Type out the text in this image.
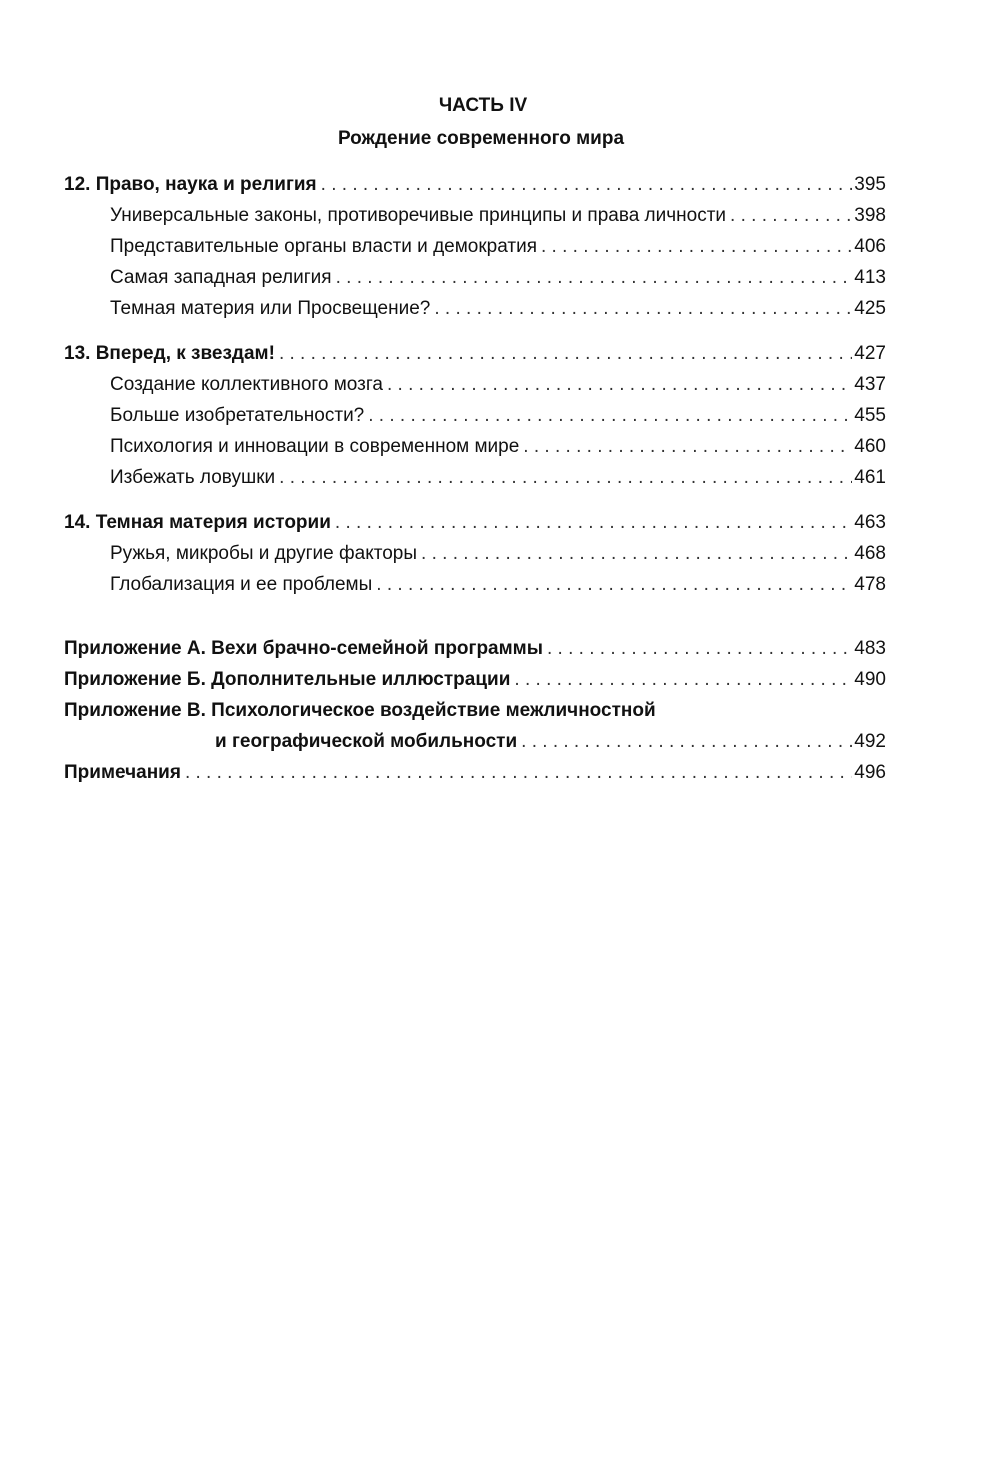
ЧАСТЬ IV
Рождение современного мира
12. Право, наука и религия . . .	395
Универсальные законы, противоречивые принципы и права личности . . .	398
Представительные органы власти и демократия . . .	406
Самая западная религия . . .	413
Темная материя или Просвещение? . . .	425
13. Вперед, к звездам! . . .	427
Создание коллективного мозга . . .	437
Больше изобретательности? . . .	455
Психология и инновации в современном мире . . .	460
Избежать ловушки . . .	461
14. Темная материя истории . . .	463
Ружья, микробы и другие факторы . . .	468
Глобализация и ее проблемы . . .	478
Приложение А. Вехи брачно-семейной программы . . .	483
Приложение Б. Дополнительные иллюстрации . . .	490
Приложение В. Психологическое воздействие межличностной
и географической мобильности . . .	492
Примечания . . .	496
